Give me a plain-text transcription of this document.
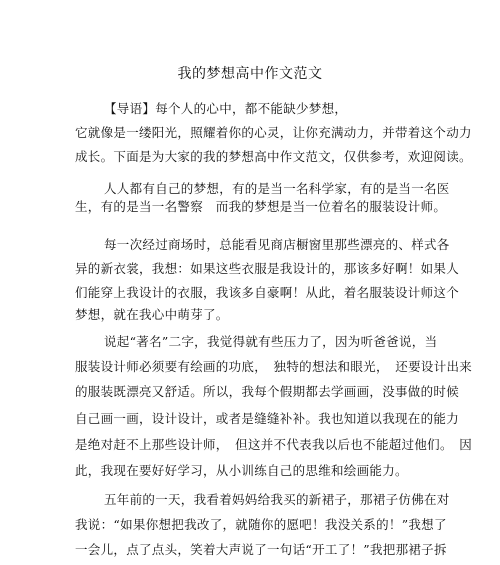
我的梦想高中作文范文
【导语】每个人的心中，都不能缺少梦想，
它就像是一缕阳光，照耀着你的心灵，让你充满动力，并带着这个动力
成长。下面是为大家的我的梦想高中作文范文，仅供参考，欢迎阅读。
人人都有自己的梦想，有的是当一名科学家，有的是当一名医
生，有的是当一名警察　而我的梦想是当一位着名的服装设计师。
每一次经过商场时，总能看见商店橱窗里那些漂亮的、样式各
异的新衣裳，我想：如果这些衣服是我设计的，那该多好啊！如果人
们能穿上我设计的衣服，我该多自豪啊！从此，着名服装设计师这个
梦想，就在我心中萌芽了。
说起“著名”二字，我觉得就有些压力了，因为听爸爸说，当
服装设计师必须要有绘画的功底，　独特的想法和眼光，　还要设计出来
的服装既漂亮又舒适。所以，我每个假期都去学画画，没事做的时候
自己画一画，设计设计，或者是缝缝补补。我也知道以我现在的能力
是绝对赶不上那些设计师，　但这并不代表我以后也不能超过他们。　因
此，我现在要好好学习，从小训练自己的思维和绘画能力。
五年前的一天，我看着妈妈给我买的新裙子，那裙子仿佛在对
我说：“如果你想把我改了，就随你的愿吧！我没关系的！”我想了
一会儿，点了点头，笑着大声说了一句话“开工了！”我把那裙子拆
